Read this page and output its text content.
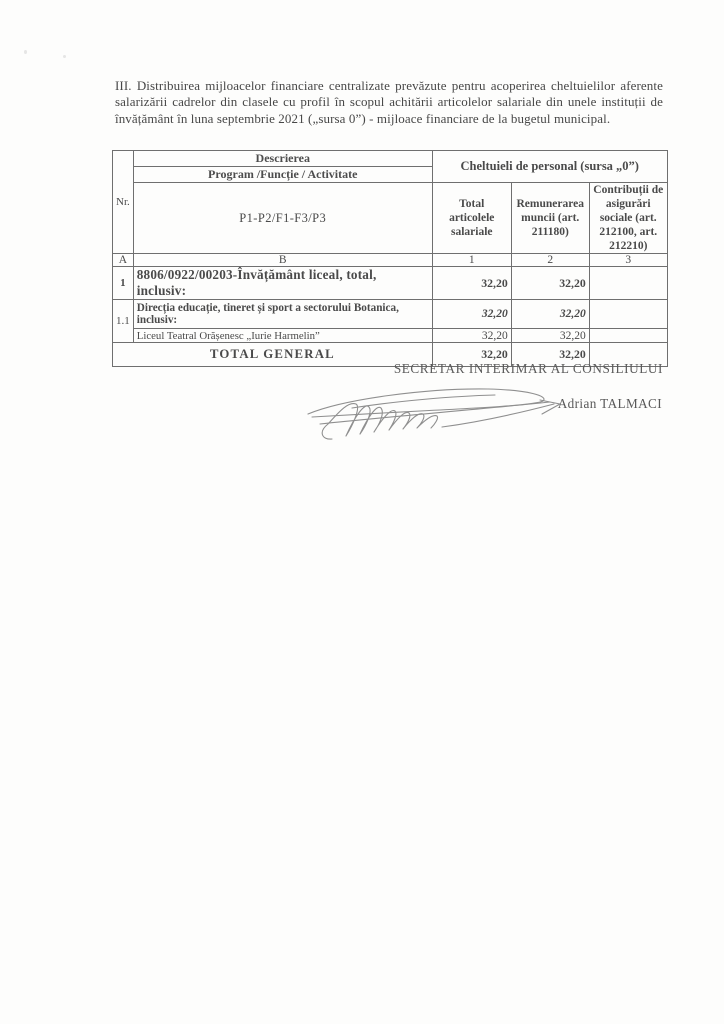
III. Distribuirea mijloacelor financiare centralizate prevăzute pentru acoperirea cheltuielilor aferente salarizării cadrelor din clasele cu profil în scopul achitării articolelor salariale din unele instituții de învățământ în luna septembrie 2021 („sursa 0”) - mijloace financiare de la bugetul municipal.
Nr.	Descrierea	Cheltuieli de personal (sursa „0”)		
	Program /Funcție / Activitate			
	P1-P2/F1-F3/P3	Total articolele salariale	Remunerarea muncii (art. 211180)	Contribuții de asigurări sociale (art. 212100, art. 212210)
A	B	1	2	3
1	8806/0922/00203-Învățământ liceal, total, inclusiv:	32,20	32,20	
1.1	Direcția educație, tineret și sport a sectorului Botanica, inclusiv:	32,20	32,20	
	Liceul Teatral Orășenesc „Iurie Harmelin”	32,20	32,20	
TOTAL GENERAL		32,20	32,20	
SECRETAR INTERIMAR AL CONSILIULUI
Adrian TALMACI
